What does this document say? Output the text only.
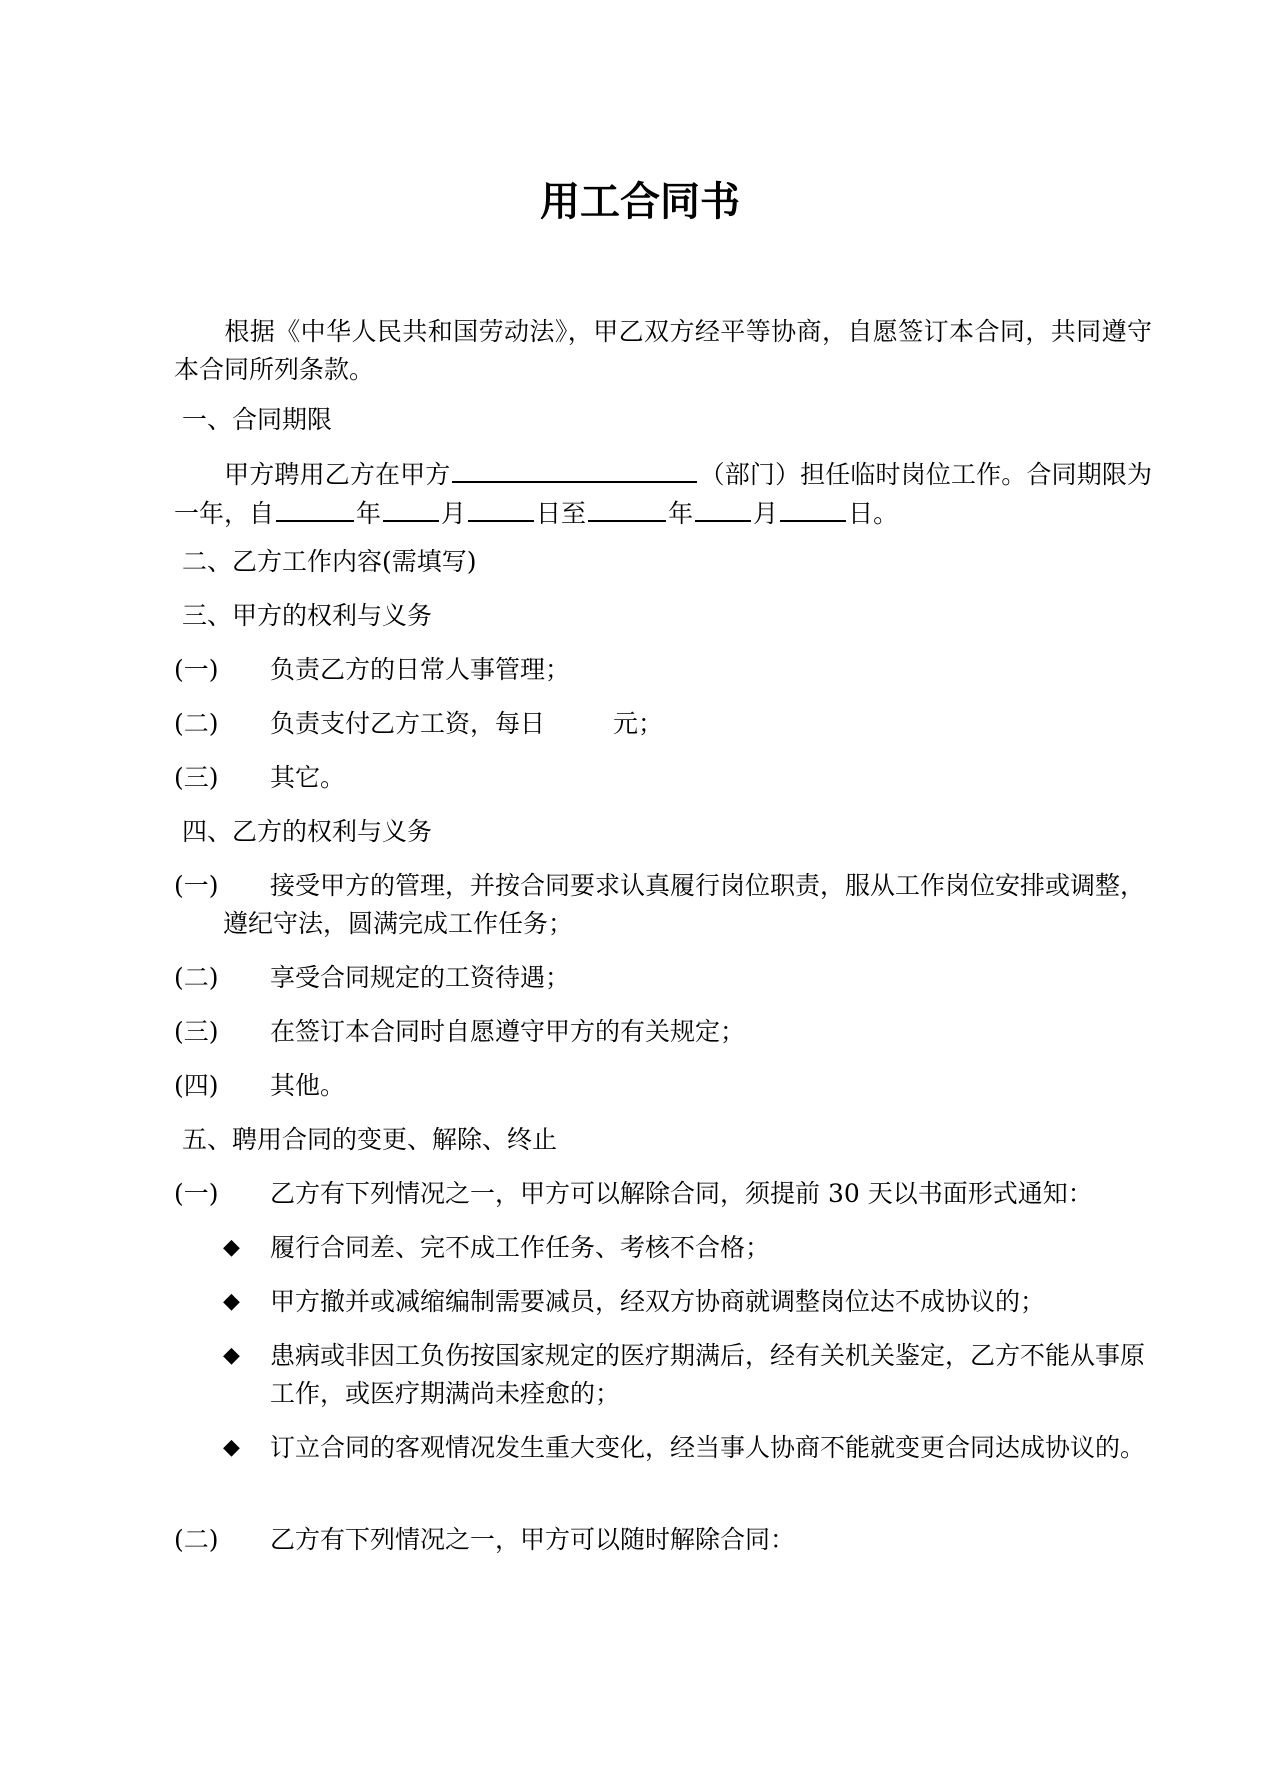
用工合同书
根据《中华人民共和国劳动法》，甲乙双方经平等协商，自愿签订本合同，共同遵守本合同所列条款。
一、合同期限
甲方聘用乙方在甲方	（部门）担任临时岗位工作。合同期限为一年，自	年 月	日至	年 月	日。
二、乙方工作内容(需填写)
三、甲方的权利与义务
(一) 负责乙方的日常人事管理；
(二) 负责支付乙方工资，每日	元；
(三) 其它。
四、乙方的权利与义务
(一)	接受甲方的管理，并按合同要求认真履行岗位职责，服从工作岗位安排或调整，遵纪守法，圆满完成工作任务；
(二) 享受合同规定的工资待遇；
(三) 在签订本合同时自愿遵守甲方的有关规定；
(四) 其他。
五、聘用合同的变更、解除、终止
(一) 乙方有下列情况之一，甲方可以解除合同，须提前 30 天以书面形式通知：
◆ 履行合同差、完不成工作任务、考核不合格；
◆ 甲方撤并或减缩编制需要减员，经双方协商就调整岗位达不成协议的；
◆ 患病或非因工负伤按国家规定的医疗期满后，经有关机关鉴定，乙方不能从事原工作，或医疗期满尚未痊愈的；
◆ 订立合同的客观情况发生重大变化，经当事人协商不能就变更合同达成协议的。
(二) 乙方有下列情况之一，甲方可以随时解除合同：
